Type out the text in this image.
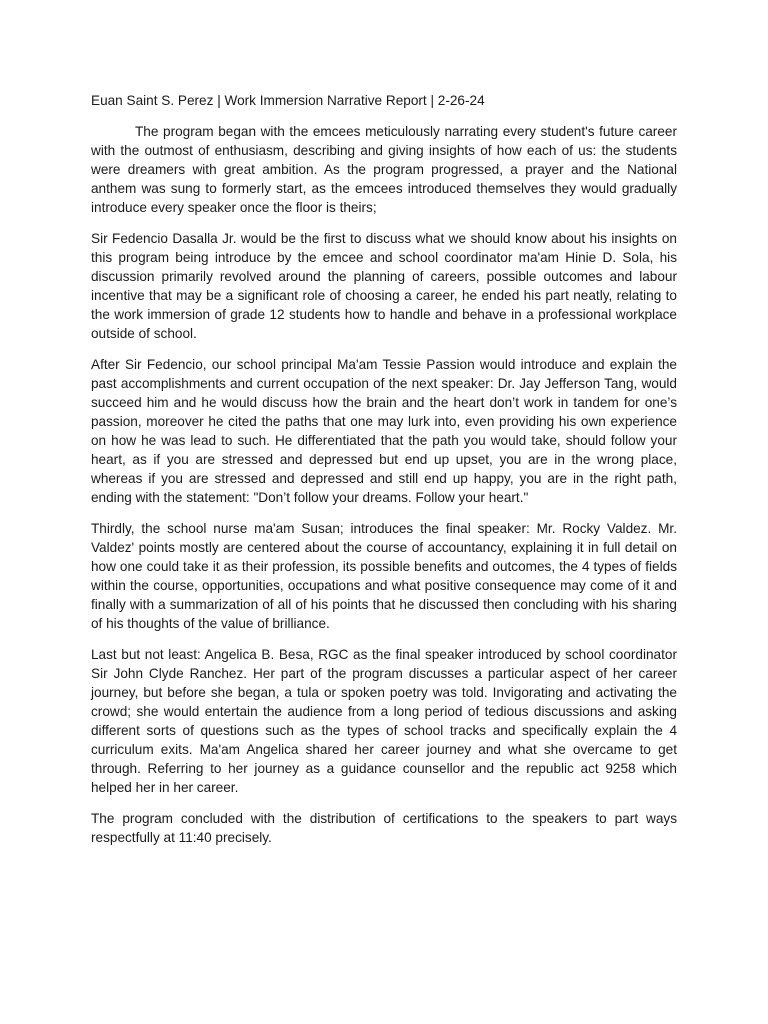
Euan Saint S. Perez | Work Immersion Narrative Report | 2-26-24

The program began with the emcees meticulously narrating every student's future career with the outmost of enthusiasm, describing and giving insights of how each of us: the students were dreamers with great ambition. As the program progressed, a prayer and the National anthem was sung to formerly start, as the emcees introduced themselves they would gradually introduce every speaker once the floor is theirs;

Sir Fedencio Dasalla Jr. would be the first to discuss what we should know about his insights on this program being introduce by the emcee and school coordinator ma'am Hinie D. Sola, his discussion primarily revolved around the planning of careers, possible outcomes and labour incentive that may be a significant role of choosing a career, he ended his part neatly, relating to the work immersion of grade 12 students how to handle and behave in a professional workplace outside of school.

After Sir Fedencio, our school principal Ma'am Tessie Passion would introduce and explain the past accomplishments and current occupation of the next speaker: Dr. Jay Jefferson Tang, would succeed him and he would discuss how the brain and the heart don’t work in tandem for one’s passion, moreover he cited the paths that one may lurk into, even providing his own experience on how he was lead to such. He differentiated that the path you would take, should follow your heart, as if you are stressed and depressed but end up upset, you are in the wrong place, whereas if you are stressed and depressed and still end up happy, you are in the right path, ending with the statement: "Don’t follow your dreams. Follow your heart."

Thirdly, the school nurse ma'am Susan; introduces the final speaker: Mr. Rocky Valdez. Mr. Valdez' points mostly are centered about the course of accountancy, explaining it in full detail on how one could take it as their profession, its possible benefits and outcomes, the 4 types of fields within the course, opportunities, occupations and what positive consequence may come of it and finally with a summarization of all of his points that he discussed then concluding with his sharing of his thoughts of the value of brilliance.

Last but not least: Angelica B. Besa, RGC as the final speaker introduced by school coordinator Sir John Clyde Ranchez. Her part of the program discusses a particular aspect of her career journey, but before she began, a tula or spoken poetry was told. Invigorating and activating the crowd; she would entertain the audience from a long period of tedious discussions and asking different sorts of questions such as the types of school tracks and specifically explain the 4 curriculum exits. Ma'am Angelica shared her career journey and what she overcame to get through. Referring to her journey as a guidance counsellor and the republic act 9258 which helped her in her career.

The program concluded with the distribution of certifications to the speakers to part ways respectfully at 11:40 precisely.
